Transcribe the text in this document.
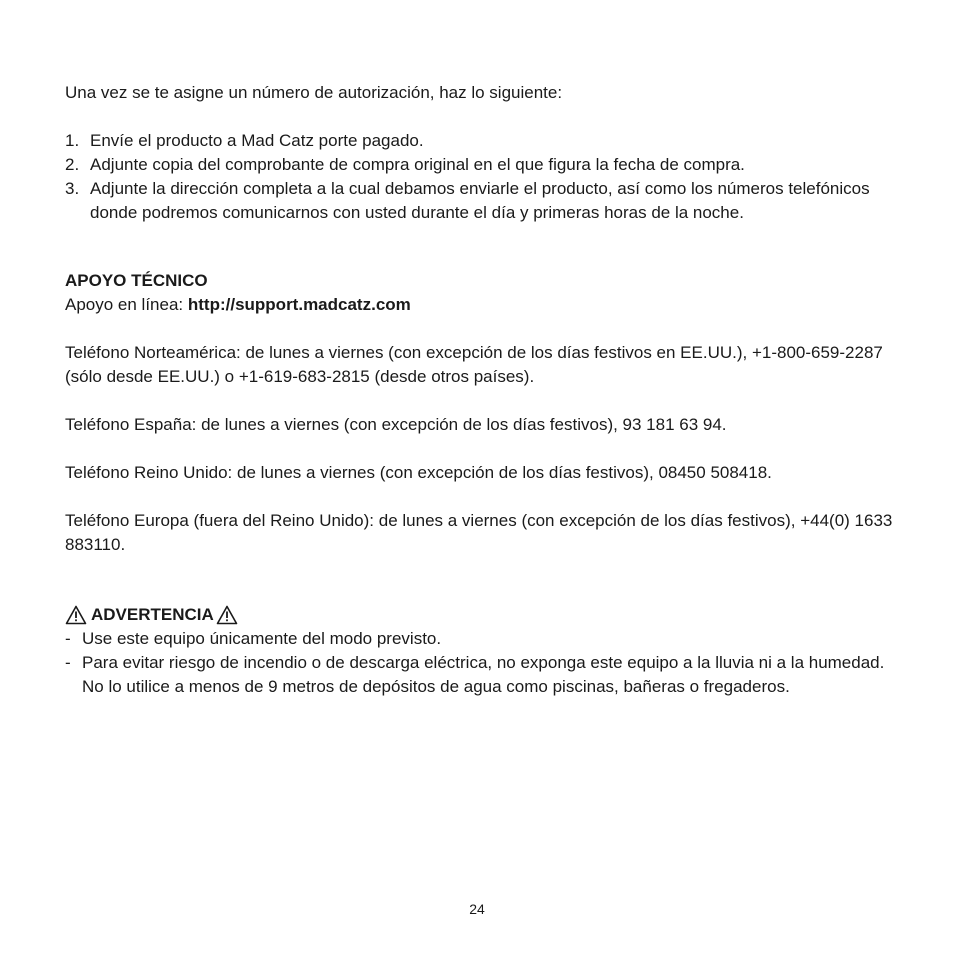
Una vez se te asigne un número de autorización, haz lo siguiente:

1. Envíe el producto a Mad Catz porte pagado.
2. Adjunte copia del comprobante de compra original en el que figura la fecha de compra.
3. Adjunte la dirección completa a la cual debamos enviarle el producto, así como los números telefónicos donde podremos comunicarnos con usted durante el día y primeras horas de la noche.

APOYO TÉCNICO

Apoyo en línea: http://support.madcatz.com

Teléfono Norteamérica: de lunes a viernes (con excepción de los días festivos en EE.UU.), +1-800-659-2287 (sólo desde EE.UU.) o +1-619-683-2815 (desde otros países).

Teléfono España: de lunes a viernes (con excepción de los días festivos), 93 181 63 94.

Teléfono Reino Unido: de lunes a viernes (con excepción de los días festivos), 08450 508418.

Teléfono Europa (fuera del Reino Unido): de lunes a viernes (con excepción de los días festivos), +44(0) 1633 883110.

ADVERTENCIA
- Use este equipo únicamente del modo previsto.
- Para evitar riesgo de incendio o de descarga eléctrica, no exponga este equipo a la lluvia ni a la humedad. No lo utilice a menos de 9 metros de depósitos de agua como piscinas, bañeras o fregaderos.
24
